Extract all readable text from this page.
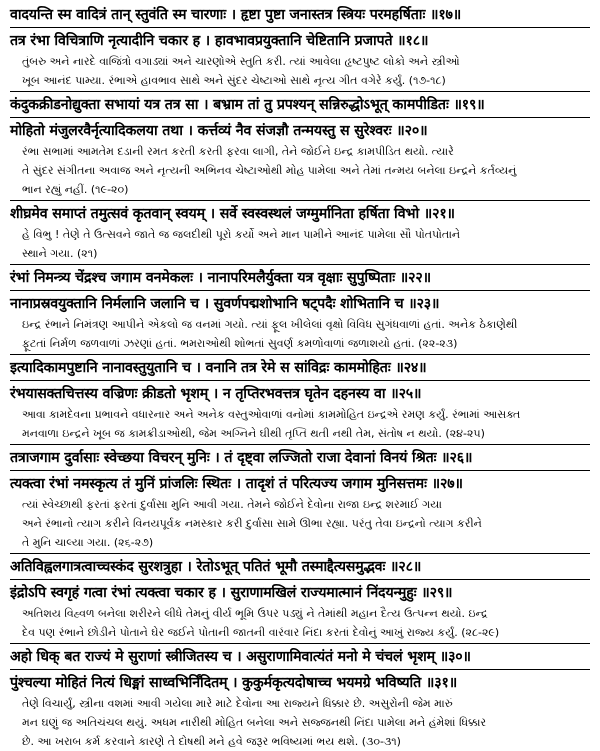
वादयन्ति स्म वादित्रं तान् स्तुवंति स्म चारणाः । हृष्टा पुष्टा जनास्तत्र स्त्रियः परमहर्षिताः ॥१७॥
तत्र रंभा विचित्राणि नृत्यादीनि चकार ह । हावभावप्रयुक्तानि चेष्टितानि प्रजापते ॥१८॥
તુંબરુ અને નારદે વાજિંત્રો વગાડ્યાં અને ચારણોએ સ્તુતિ કરી. ત્યાં આવેલા હૃષ્ટપુષ્ટ લોકો અને સ્ત્રીઓ
ખૂબ આનંદ પામ્યા. રંભાએ હાવભાવ સાથે અને સુંદર ચેષ્ટાઓ સાથે નૃત્ય ગીત વગેરે કર્યું. (૧૭-૧૮)
कंदुकक्रीडनोद्युक्ता सभायां यत्र तत्र सा । बभ्राम तां तु प्रपश्यन् सन्निरुद्धोऽभूत् कामपीडितः ॥१९॥
मोहितो मंजुलरवैर्नृत्यादिकलया तथा । कर्त्तव्यं नैव संजज्ञौ तन्मयस्तु स सुरेश्वरः ॥२०॥
રંભા સભામાં આમતેમ દડાની રમત કરતી કરતી ફરવા લાગી, તેને જોઈને ઇન્દ્ર કામપીડિત થયો. ત્યારે
તે સુંદર સંગીતના અવાજ અને નૃત્યની અભિનવ ચેષ્ટાઓથી મોહ પામેલા અને તેમાં તન્મય બનેલા ઇન્દ્રને કર્તવ્યનું
ભાન રહ્યું નહીં. (૧૯-૨૦)
शीघ्रमेव समाप्तं तमुत्सवं कृतवान् स्वयम् । सर्वे स्वस्वस्थलं जग्मुर्मानिता हर्षिता विभो ॥२१॥
હે વિભુ ! તેણે તે ઉત્સવને જાતે જ જલદીથી પૂરો કર્યો અને માન પામીને આનંદ પામેલા સૌ પોતપોતાને
સ્થાને ગયા. (૨૧)
रंभां निमन्त्र्य चेंद्रश्च जगाम वनमेकलः । नानापरिमलैर्युक्ता यत्र वृक्षाः सुपुष्पिताः ॥२२॥
नानाप्रस्रवयुक्तानि निर्मलानि जलानि च । सुवर्णपद्मशोभानि षट्पदैः शोभितानि च ॥२३॥
ઇન્દ્ર રંભાને નિમંત્રણ આપીને એકલો જ વનમાં ગયો. ત્યાં ફૂલ ખીલેલાં વૃક્ષો વિવિધ સુગંધવાળાં હતાં. અનેક ઠેકાણેથી
ફૂટતાં નિર્મળ જળવાળાં ઝરણાં હતાં. ભમરાઓથી શોભતાં સુવર્ણ કમળોવાળાં જળાશયો હતાં. (૨૨-૨૩)
इत्यादिकामपुष्टानि नानावस्तुयुतानि च । वनानि तत्र रेमे स सांविद्रः काममोहितः ॥२४॥
रंभयासक्तचित्तस्य वज्रिणः क्रीडतो भृशम् । न तृप्तिरभवत्तत्र घृतेन दहनस्य वा ॥२५॥
આવા કામદેવના પ્રભાવને વધારનાર અને અનેક વસ્તુઓવાળાં વનોમાં કામમોહિત ઇન્દ્રએ રમણ કર્યું. રંભામાં આસક્ત
મનવાળા ઇન્દ્રને ખૂબ જ કામક્રીડાઓથી, જેમ અગ્નિને ઘીથી તૃપ્તિ થતી નથી તેમ, સંતોષ ન થયો. (૨૪-૨૫)
तत्राजगाम दुर्वासाः स्वेच्छया विचरन् मुनिः । तं दृष्ट्वा लज्जितो राजा देवानां विनयं श्रितः ॥२६॥
त्यक्त्वा रंभां नमस्कृत्य तं मुनिं प्रांजलिः स्थितः । तादृशं तं परित्यज्य जगाम मुनिसत्तमः ॥२७॥
ત્યાં સ્વેચ્છાથી ફરતાં ફરતાં દુર્વાસા મુનિ આવી ગયા. તેમને જોઈને દેવોના રાજા ઇન્દ્ર શરમાઈ ગયા
અને રંભાનો ત્યાગ કરીને વિનયપૂર્વક નમસ્કાર કરી દુર્વાસા સામે ઊભા રહ્યા. પરંતુ તેવા ઇન્દ્રનો ત્યાગ કરીને
તે મુનિ ચાલ્યા ગયા. (૨૬-૨૭)
अतिविह्वलगात्रत्वाच्चस्कंद सुरशत्रुहा । रेतोऽभूत् पतितं भूमौ तस्माद्दैत्यसमुद्भवः ॥२८॥
इंद्रोऽपि स्वगृहं गत्वा रंभां त्यक्त्वा चकार ह । सुराणामखिलं राज्यमात्मानं निंदयन्मुहुः ॥२९॥
અતિશય વિહ્વળ બનેલા શરીરને લીધે તેમનું વીર્ય ભૂમિ ઉપર પડ્યું ને તેમાંથી મહાન દૈત્ય ઉત્પન્ન થયો. ઇન્દ્ર
દેવ પણ રંભાને છોડીને પોતાને ઘેર જઈને પોતાની જાતની વારંવાર નિંદા કરતાં દેવોનું આખું રાજ્ય કર્યું. (૨૮-૨૯)
अहो धिक् बत राज्यं मे सुराणां स्त्रीजितस्य च । असुराणामिवात्यंतं मनो मे चंचलं भृशम् ॥३०॥
पुंश्चल्या मोहितं नित्यं धिङ्मां साध्वभिर्निंदितम् । कुकुर्मकृत्यदोषाच्च भयमग्रे भविष्यति ॥३१॥
તેણે વિચાર્યું, સ્ત્રીના વશમાં આવી ગયેલા મારે માટે દેવોના આ રાજ્યને ધિક્કાર છે. અસુરોની જેમ મારું
મન ઘણું જ અતિચંચલ થયું. અધમ નારીથી મોહિત બનેલા અને સજ્જનથી નિંદા પામેલા મને હંમેશાં ધિક્કાર
છે. આ ખરાબ કર્મ કરવાને કારણે તે દોષથી મને હવે જરૂર ભવિષ્યમાં ભય થશે. (૩૦-૩૧)
